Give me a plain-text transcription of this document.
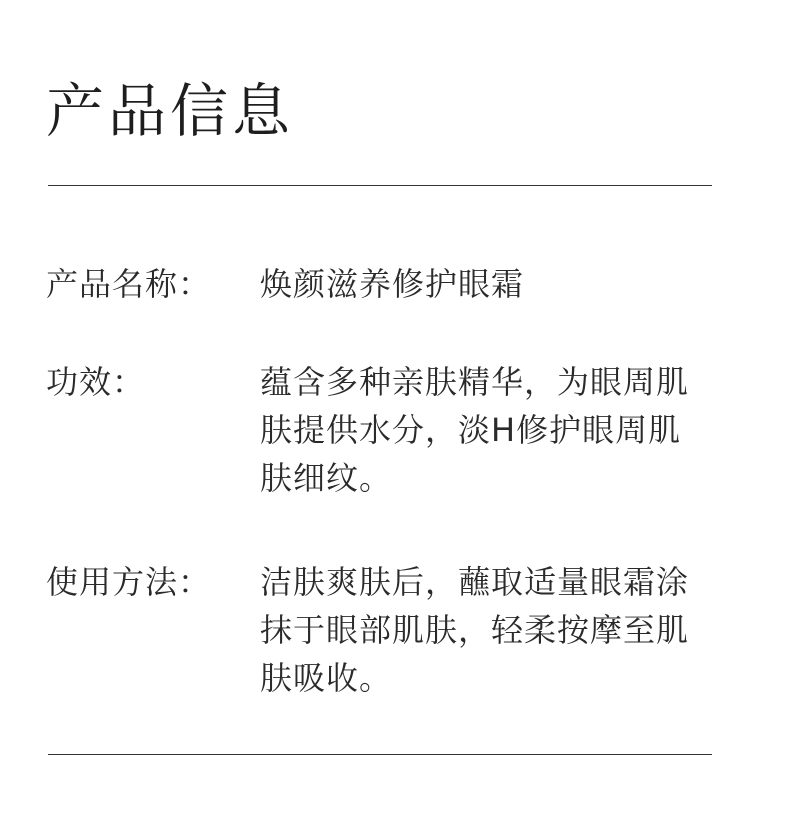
产品信息
产品名称：	焕颜滋养修护眼霜
功效：	蕴含多种亲肤精华，为眼周肌
肤提供水分，淡H修护眼周肌
肤细纹。
使用方法：	洁肤爽肤后，蘸取适量眼霜涂
抹于眼部肌肤，轻柔按摩至肌
肤吸收。
